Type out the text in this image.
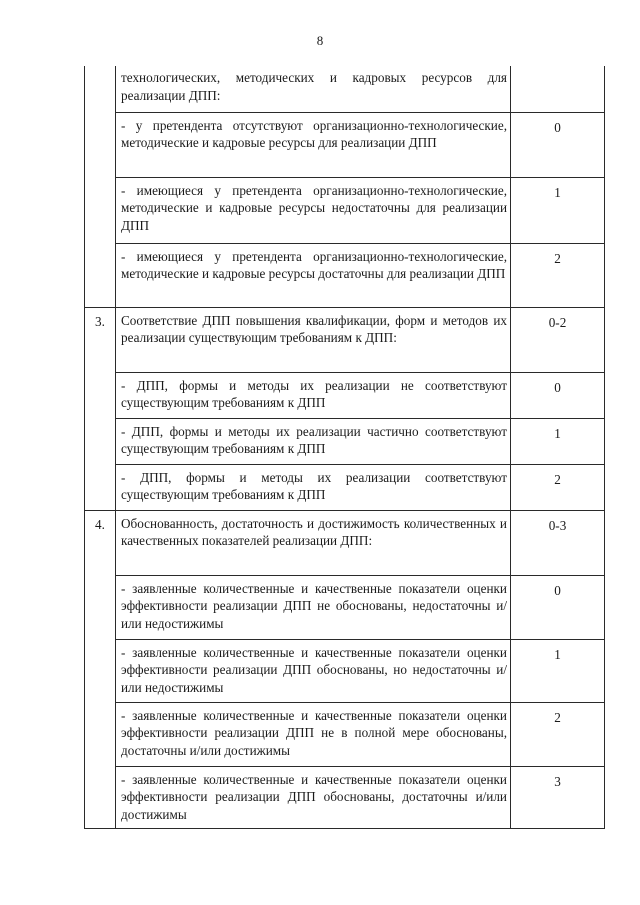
8
	технологических, методических и кадровых ресурсов для реализации ДПП:	
	- у претендента отсутствуют организационно-технологические, методические и кадровые ресурсы для реализации ДПП	0
	- имеющиеся у претендента организационно-технологические, методические и кадровые ресурсы недостаточны для реализации ДПП	1
	- имеющиеся у претендента организационно-технологические, методические и кадровые ресурсы достаточны для реализации ДПП	2
3.	Соответствие ДПП повышения квалификации, форм и методов их реализации существующим требованиям к ДПП:	0-2
	- ДПП, формы и методы их реализации не соответствуют существующим требованиям к ДПП	0
	- ДПП, формы и методы их реализации частично соответствуют существующим требованиям к ДПП	1
	- ДПП, формы и методы их реализации соответствуют существующим требованиям к ДПП	2
4.	Обоснованность, достаточность и достижимость количественных и качественных показателей реализации ДПП:	0-3
	- заявленные количественные и качественные показатели оценки эффективности реализации ДПП не обоснованы, недостаточны и/или недостижимы	0
	- заявленные количественные и качественные показатели оценки эффективности реализации ДПП обоснованы, но недостаточны и/или недостижимы	1
	- заявленные количественные и качественные показатели оценки эффективности реализации ДПП не в полной мере обоснованы, достаточны и/или достижимы	2
	- заявленные количественные и качественные показатели оценки эффективности реализации ДПП обоснованы, достаточны и/или достижимы	3
